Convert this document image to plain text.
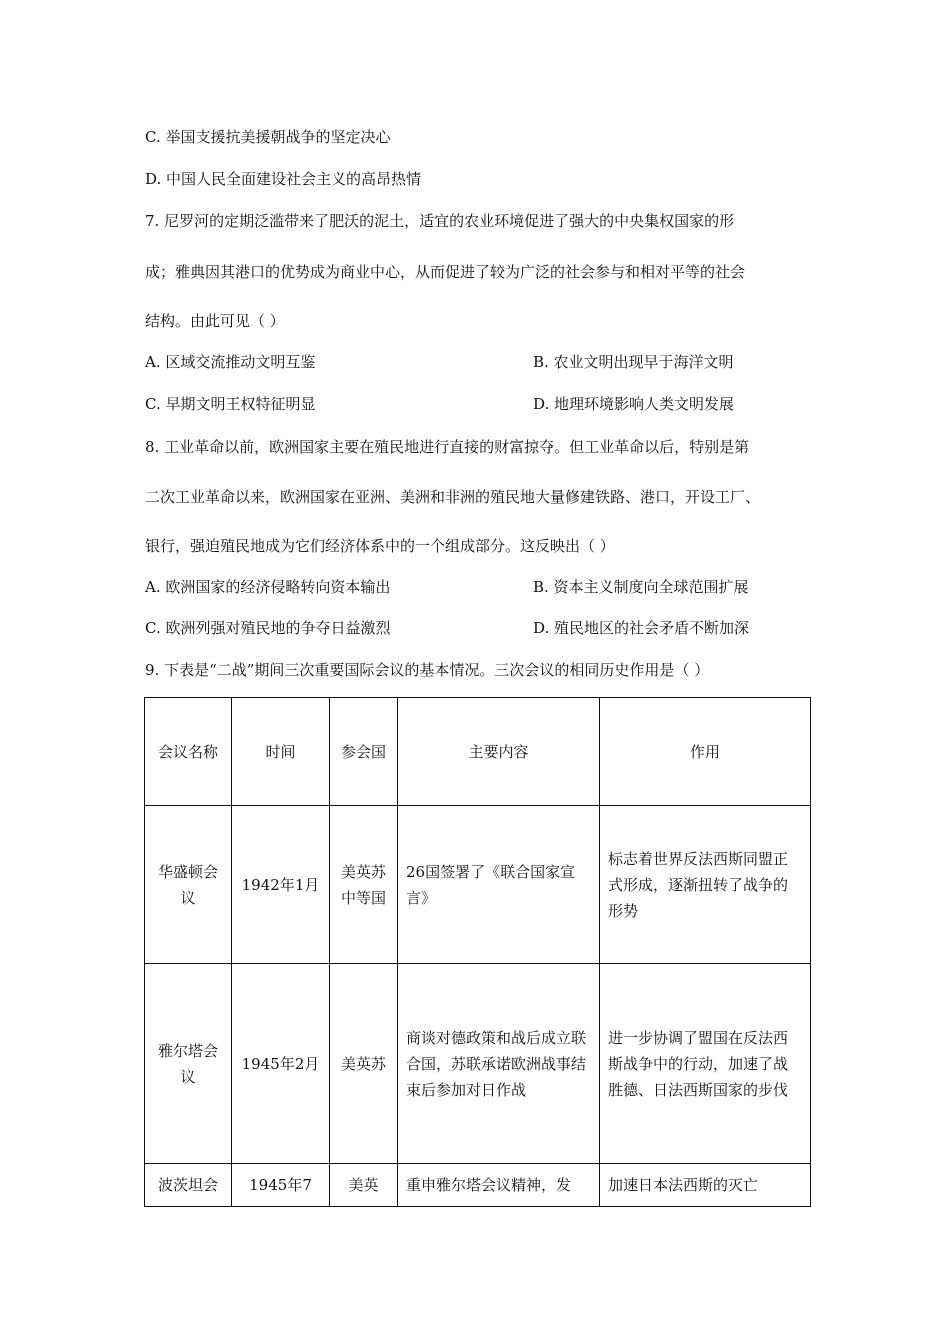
C. 举国支援抗美援朝战争的坚定决心
D. 中国人民全面建设社会主义的高昂热情
7. 尼罗河的定期泛滥带来了肥沃的泥土，适宜的农业环境促进了强大的中央集权国家的形
成；雅典因其港口的优势成为商业中心，从而促进了较为广泛的社会参与和相对平等的社会
结构。由此可见（ ）
A. 区域交流推动文明互鉴	B. 农业文明出现早于海洋文明
C. 早期文明王权特征明显	D. 地理环境影响人类文明发展
8. 工业革命以前，欧洲国家主要在殖民地进行直接的财富掠夺。但工业革命以后，特别是第
二次工业革命以来，欧洲国家在亚洲、美洲和非洲的殖民地大量修建铁路、港口，开设工厂、
银行，强迫殖民地成为它们经济体系中的一个组成部分。这反映出（ ）
A. 欧洲国家的经济侵略转向资本输出	B. 资本主义制度向全球范围扩展
C. 欧洲列强对殖民地的争夺日益激烈	D. 殖民地区的社会矛盾不断加深
9. 下表是“二战”期间三次重要国际会议的基本情况。三次会议的相同历史作用是（ ）
会议名称	时间	参会国	主要内容	作用
华盛顿会议	1942年1月	美英苏中等国	26国签署了《联合国家宣言》	标志着世界反法西斯同盟正式形成，逐渐扭转了战争的形势
雅尔塔会议	1945年2月	美英苏	商谈对德政策和战后成立联合国，苏联承诺欧洲战事结束后参加对日作战	进一步协调了盟国在反法西斯战争中的行动，加速了战胜德、日法西斯国家的步伐
波茨坦会	1945年7	美英	重申雅尔塔会议精神，发	加速日本法西斯的灭亡
